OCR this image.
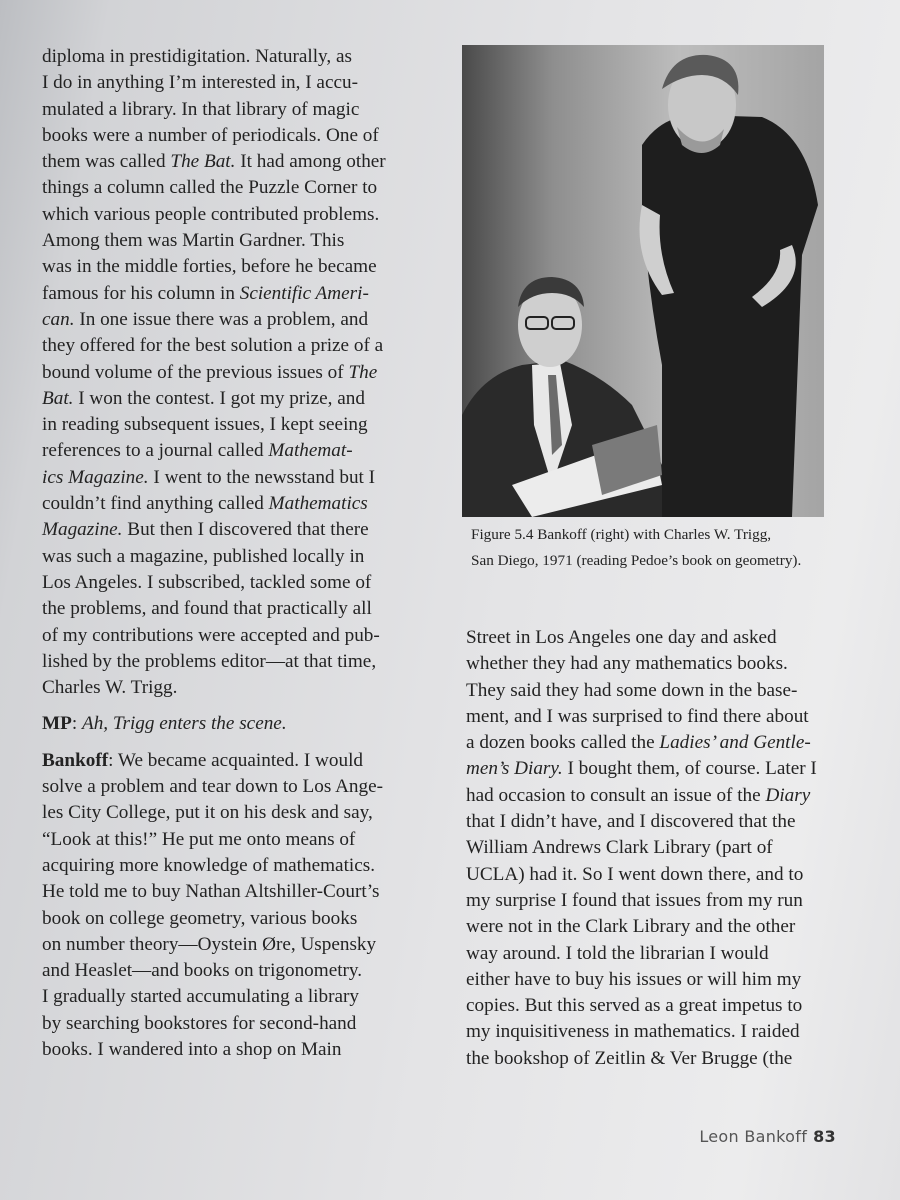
diploma in prestidigitation. Naturally, as
I do in anything I’m interested in, I accu-
mulated a library. In that library of magic
books were a number of periodicals. One of
them was called The Bat. It had among other
things a column called the Puzzle Corner to
which various people contributed problems.
Among them was Martin Gardner. This
was in the middle forties, before he became
famous for his column in Scientific Ameri-
can. In one issue there was a problem, and
they offered for the best solution a prize of a
bound volume of the previous issues of The
Bat. I won the contest. I got my prize, and
in reading subsequent issues, I kept seeing
references to a journal called Mathemat-
ics Magazine. I went to the newsstand but I
couldn’t find anything called Mathematics
Magazine. But then I discovered that there
was such a magazine, published locally in
Los Angeles. I subscribed, tackled some of
the problems, and found that practically all
of my contributions were accepted and pub-
lished by the problems editor—at that time,
Charles W. Trigg.
MP: Ah, Trigg enters the scene.
Bankoff: We became acquainted. I would
solve a problem and tear down to Los Ange-
les City College, put it on his desk and say,
“Look at this!” He put me onto means of
acquiring more knowledge of mathematics.
He told me to buy Nathan Altshiller-Court’s
book on college geometry, various books
on number theory—Oystein Øre, Uspensky
and Heaslet—and books on trigonometry.
I gradually started accumulating a library
by searching bookstores for second-hand
books. I wandered into a shop on Main
Figure 5.4 Bankoff (right) with Charles W. Trigg,
San Diego, 1971 (reading Pedoe’s book on geometry).
Street in Los Angeles one day and asked
whether they had any mathematics books.
They said they had some down in the base-
ment, and I was surprised to find there about
a dozen books called the Ladies’ and Gentle-
men’s Diary. I bought them, of course. Later I
had occasion to consult an issue of the Diary
that I didn’t have, and I discovered that the
William Andrews Clark Library (part of
UCLA) had it. So I went down there, and to
my surprise I found that issues from my run
were not in the Clark Library and the other
way around. I told the librarian I would
either have to buy his issues or will him my
copies. But this served as a great impetus to
my inquisitiveness in mathematics. I raided
the bookshop of Zeitlin & Ver Brugge (the
Leon Bankoff 83
